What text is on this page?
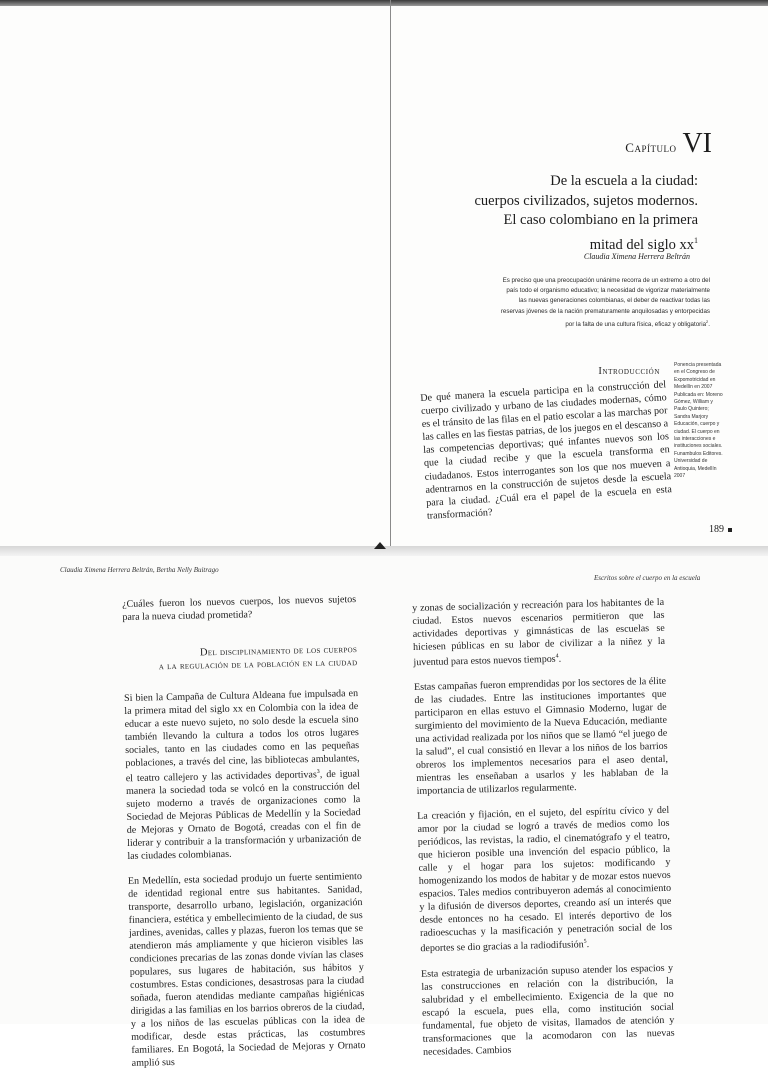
Capítulo VI
De la escuela a la ciudad:
cuerpos civilizados, sujetos modernos.
El caso colombiano en la primera
mitad del siglo $xx^1$
Claudia Ximena Herrera Beltrán
Es preciso que una preocupación unánime recorra de un extremo a otro del
país todo el organismo educativo; la necesidad de vigorizar materialmente
las nuevas generaciones colombianas, el deber de reactivar todas las
reservas jóvenes de la nación prematuramente anquilosadas y entorpecidas
por la falta de una cultura física, eficaz y obligatoria$^2$.
Introducción

De qué manera la escuela participa en la construcción del cuerpo civilizado y urbano de las ciudades modernas, cómo es el tránsito de las filas en el patio escolar a las marchas por las calles en las fiestas patrias, de los juegos en el descanso a las competencias deportivas; qué infantes nuevos son los que la ciudad recibe y que la escuela transforma en ciudadanos. Estos interrogantes son los que nos mueven a adentrarnos en la construcción de sujetos desde la escuela para la ciudad. ¿Cuál era el papel de la escuela en esta transformación?

Ponencia presentada
en el Congreso de
Expomotricidad en
Medellín en 2007
Publicada en: Moreno
Gómez, William y
Paulo Quintero;
Sandra Marjory
Educación, cuerpo y
ciudad. El cuerpo en
las interacciones e
instituciones sociales.
Funambulos Editores.
Universidad de
Antioquia, Medellín
2007
189
Claudia Ximena Herrera Beltrán, Bertha Nelly Buitrago
Escritos sobre el cuerpo en la escuela

¿Cuáles fueron los nuevos cuerpos, los nuevos sujetos para la nueva ciudad prometida?

Del disciplinamiento de los cuerpos
a la regulación de la población en la ciudad

Si bien la Campaña de Cultura Aldeana fue impulsada en la primera mitad del siglo xx en Colombia con la idea de educar a este nuevo sujeto, no solo desde la escuela sino también llevando la cultura a todos los otros lugares sociales, tanto en las ciudades como en las pequeñas poblaciones, a través del cine, las bibliotecas ambulantes, el teatro callejero y las actividades deportivas$^3$, de igual manera la sociedad toda se volcó en la construcción del sujeto moderno a través de organizaciones como la Sociedad de Mejoras Públicas de Medellín y la Sociedad de Mejoras y Ornato de Bogotá, creadas con el fin de liderar y contribuir a la transformación y urbanización de las ciudades colombianas.

En Medellín, esta sociedad produjo un fuerte sentimiento de identidad regional entre sus habitantes. Sanidad, transporte, desarrollo urbano, legislación, organización financiera, estética y embellecimiento de la ciudad, de sus jardines, avenidas, calles y plazas, fueron los temas que se atendieron más ampliamente y que hicieron visibles las condiciones precarias de las zonas donde vivían las clases populares, sus lugares de habitación, sus hábitos y costumbres. Estas condiciones, desastrosas para la ciudad soñada, fueron atendidas mediante campañas higiénicas dirigidas a las familias en los barrios obreros de la ciudad, y a los niños de las escuelas públicas con la idea de modificar, desde estas prácticas, las costumbres familiares. En Bogotá, la Sociedad de Mejoras y Ornato amplió sus

y zonas de socialización y recreación para los habitantes de la ciudad. Estos nuevos escenarios permitieron que las actividades deportivas y gimnásticas de las escuelas se hiciesen públicas en su labor de civilizar a la niñez y la juventud para estos nuevos tiempos$^4$.

Estas campañas fueron emprendidas por los sectores de la élite de las ciudades. Entre las instituciones importantes que participaron en ellas estuvo el Gimnasio Moderno, lugar de surgimiento del movimiento de la Nueva Educación, mediante una actividad realizada por los niños que se llamó “el juego de la salud”, el cual consistió en llevar a los niños de los barrios obreros los implementos necesarios para el aseo dental, mientras les enseñaban a usarlos y les hablaban de la importancia de utilizarlos regularmente.

La creación y fijación, en el sujeto, del espíritu cívico y del amor por la ciudad se logró a través de medios como los periódicos, las revistas, la radio, el cinematógrafo y el teatro, que hicieron posible una invención del espacio público, la calle y el hogar para los sujetos: modificando y homogenizando los modos de habitar y de mozar estos nuevos espacios. Tales medios contribuyeron además al conocimiento y la difusión de diversos deportes, creando así un interés que desde entonces no ha cesado. El interés deportivo de los radioescuchas y la masificación y penetración social de los deportes se dio gracias a la radiodifusión$^5$.

Esta estrategia de urbanización supuso atender los espacios y las construcciones en relación con la distribución, la salubridad y el embellecimiento. Exigencia de la que no escapó la escuela, pues ella, como institución social fundamental, fue objeto de visitas, llamados de atención y transformaciones que la acomodaron con las nuevas necesidades. Cambios
